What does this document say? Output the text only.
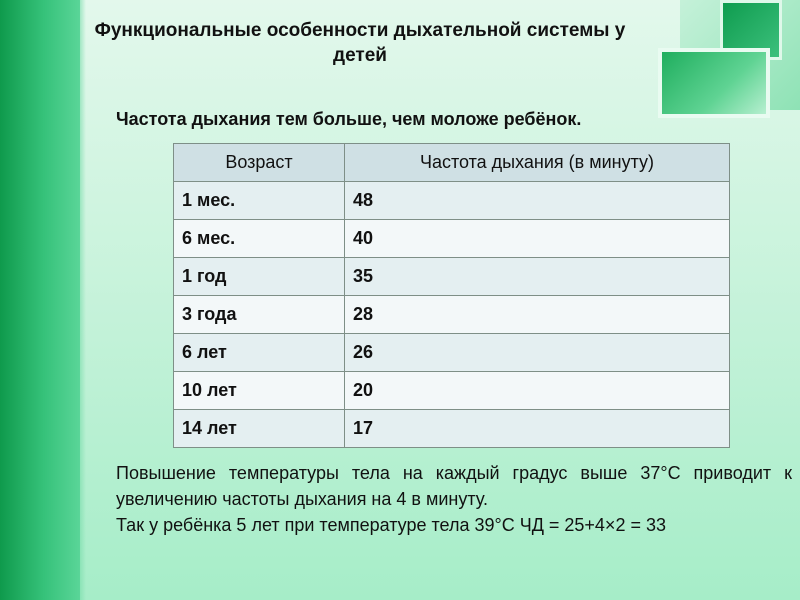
Функциональные особенности дыхательной системы у детей
Частота дыхания тем больше, чем моложе ребёнок.
Возраст	Частота дыхания (в минуту)
1 мес.	48
6 мес.	40
1 год	35
3 года	28
6 лет	26
10 лет	20
14 лет	17

Повышение температуры тела на каждый градус выше 37°С приводит к увеличению частоты дыхания на 4 в минуту.

Так у ребёнка 5 лет при температуре тела 39°С ЧД = 25+4×2 = 33
